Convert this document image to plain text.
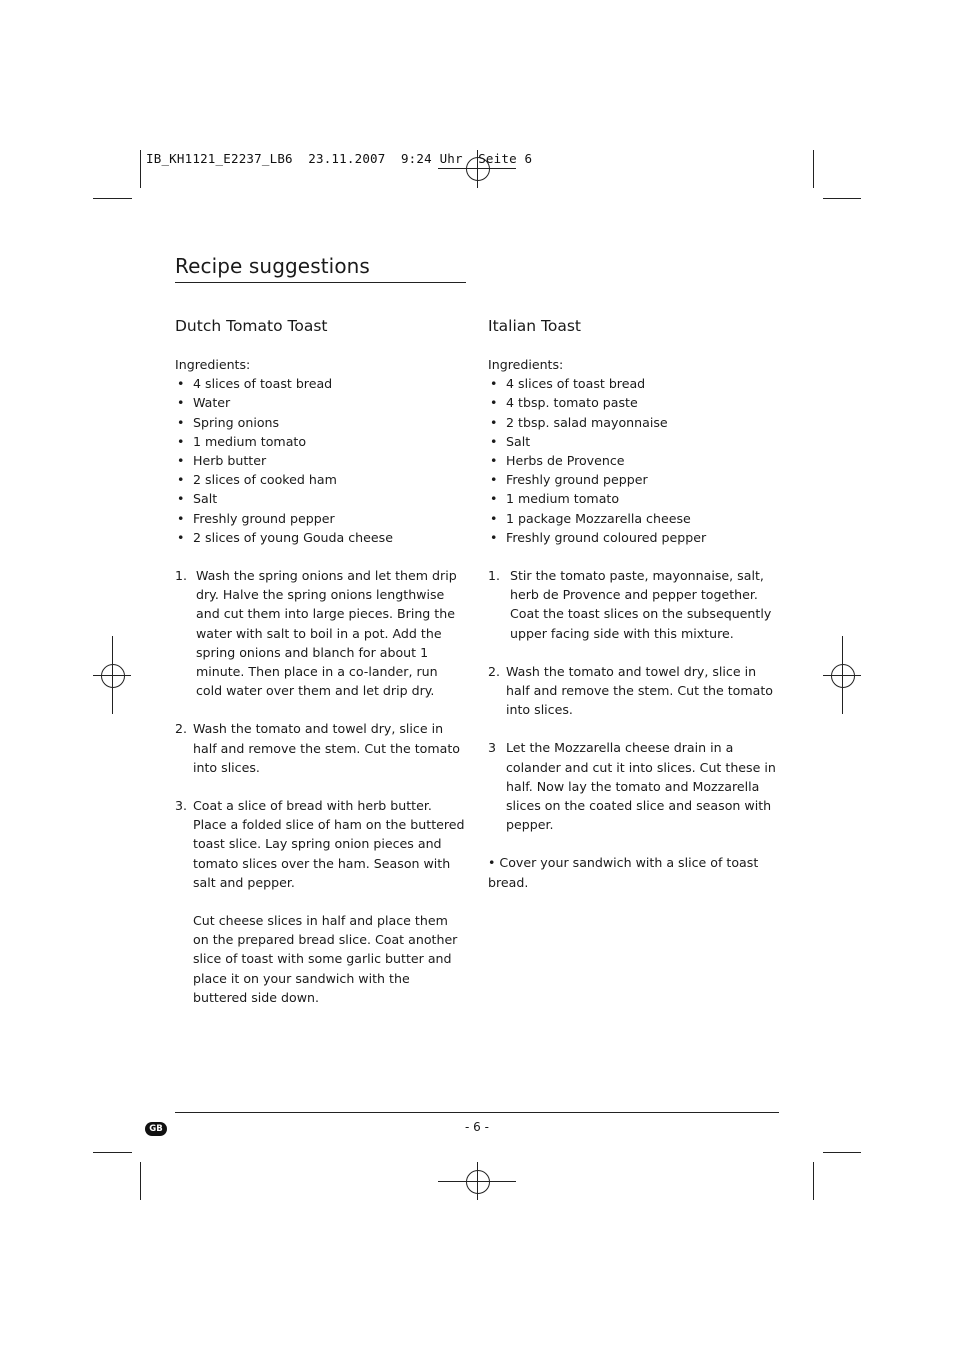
IB_KH1121_E2237_LB6  23.11.2007  9:24 Uhr  Seite 6
Recipe suggestions
Dutch Tomato Toast

Ingredients:

• 4 slices of toast bread
• Water
• Spring onions
• 1 medium tomato
• Herb butter
• 2 slices of cooked ham
• Salt
• Freshly ground pepper
• 2 slices of young Gouda cheese
1. Wash the spring onions and let them drip dry. Halve the spring onions lengthwise and cut them into large pieces. Bring the water with salt to boil in a pot. Add the spring onions and blanch for about 1 minute. Then place in a co-lander, run cold water over them and let drip dry.
2. Wash the tomato and towel dry, slice in half and remove the stem. Cut the tomato into slices.
3. Coat a slice of bread with herb butter. Place a folded slice of ham on the buttered toast slice. Lay spring onion pieces and tomato slices over the ham. Season with salt and pepper.
Cut cheese slices in half and place them on the prepared bread slice. Coat another slice of toast with some garlic butter and place it on your sandwich with the buttered side down.
Italian Toast

Ingredients:

• 4 slices of toast bread
• 4 tbsp. tomato paste
• 2 tbsp. salad mayonnaise
• Salt
• Herbs de Provence
• Freshly ground pepper
• 1 medium tomato
• 1 package Mozzarella cheese
• Freshly ground coloured pepper
1. Stir the tomato paste, mayonnaise, salt, herb de Provence and pepper together. Coat the toast slices on the subsequently upper facing side with this mixture.
2. Wash the tomato and towel dry, slice in half and remove the stem. Cut the tomato into slices.
3 Let the Mozzarella cheese drain in a colander and cut it into slices. Cut these in half. Now lay the tomato and Mozzarella slices on the coated slice and season with pepper.
• Cover your sandwich with a slice of toast bread.
GB	- 6 -
